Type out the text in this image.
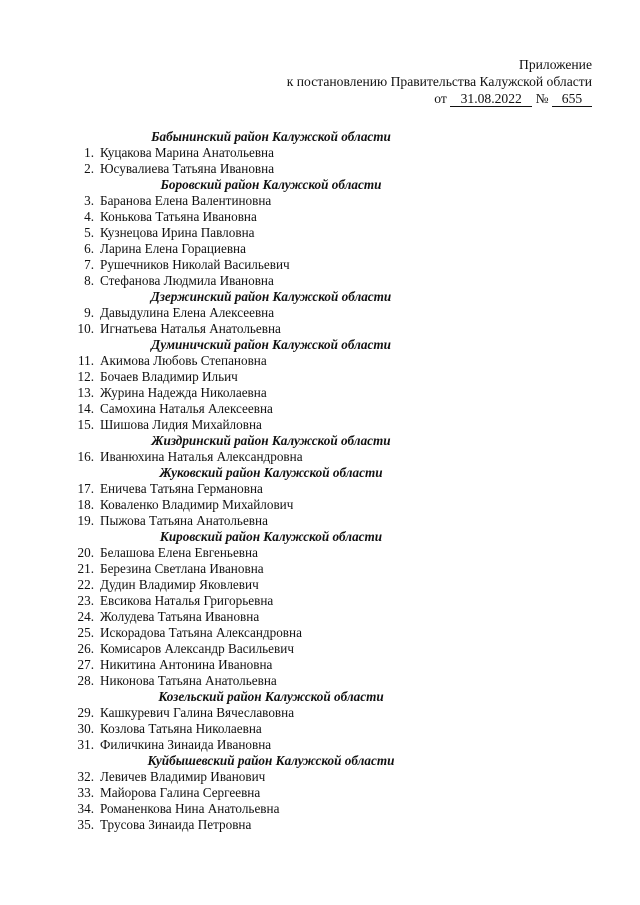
Приложение
к постановлению Правительства Калужской области
от 31.08.2022 № 655
Бабынинский район Калужской области
1. Куцакова Марина Анатольевна
2. Юсувалиева Татьяна Ивановна
Боровский район Калужской области
3. Баранова Елена Валентиновна
4. Конькова Татьяна Ивановна
5. Кузнецова Ирина Павловна
6. Ларина Елена Горациевна
7. Рушечников Николай Васильевич
8. Стефанова Людмила Ивановна
Дзержинский район Калужской области
9. Давыдулина Елена Алексеевна
10. Игнатьева Наталья Анатольевна
Думиничский район Калужской области
11. Акимова Любовь Степановна
12. Бочаев Владимир Ильич
13. Журина Надежда Николаевна
14. Самохина Наталья Алексеевна
15. Шишова Лидия Михайловна
Жиздринский район Калужской области
16. Иванюхина Наталья Александровна
Жуковский район Калужской области
17. Еничева Татьяна Германовна
18. Коваленко Владимир Михайлович
19. Пыжова Татьяна Анатольевна
Кировский район Калужской области
20. Белашова Елена Евгеньевна
21. Березина Светлана Ивановна
22. Дудин Владимир Яковлевич
23. Евсикова Наталья Григорьевна
24. Жолудева Татьяна Ивановна
25. Искорадова Татьяна Александровна
26. Комисаров Александр Васильевич
27. Никитина Антонина Ивановна
28. Никонова Татьяна Анатольевна
Козельский район Калужской области
29. Кашкуревич Галина Вячеславовна
30. Козлова Татьяна Николаевна
31. Филичкина Зинаида Ивановна
Куйбышевский район Калужской области
32. Левичев Владимир Иванович
33. Майорова Галина Сергеевна
34. Романенкова Нина Анатольевна
35. Трусова Зинаида Петровна
